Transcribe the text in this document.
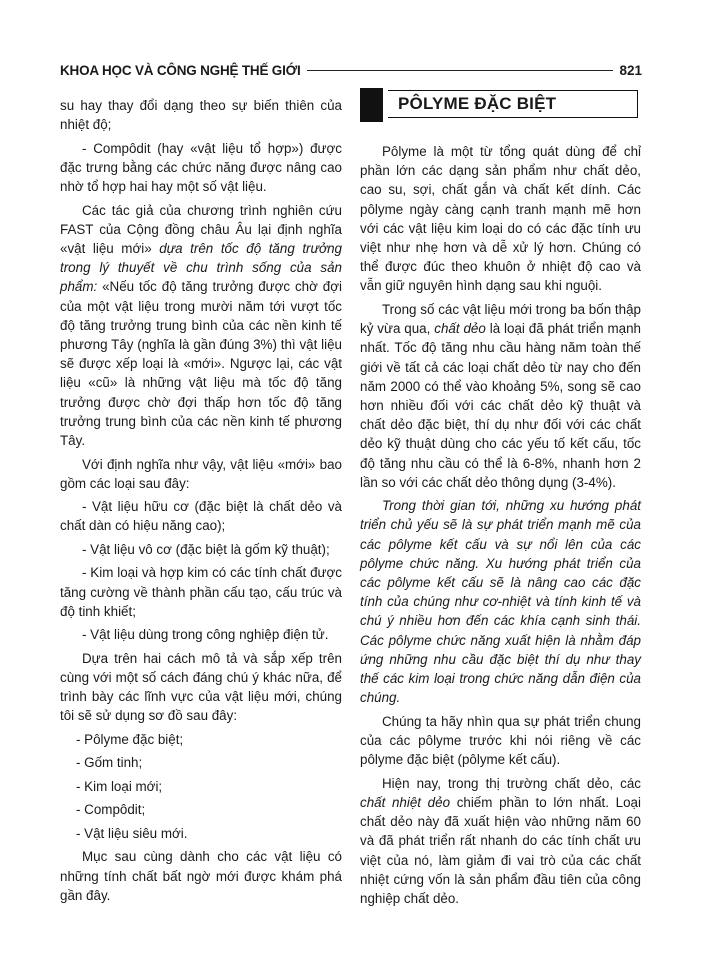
KHOA HỌC VÀ CÔNG NGHỆ THẾ GIỚI	821

su hay thay đổi dạng theo sự biến thiên của nhiệt độ;

- Compôdit (hay «vật liệu tổ hợp») được đặc trưng bằng các chức năng được nâng cao nhờ tổ hợp hai hay một số vật liệu.

Các tác giả của chương trình nghiên cứu FAST của Cộng đồng châu Âu lại định nghĩa «vật liệu mới» dựa trên tốc độ tăng trưởng trong lý thuyết về chu trình sống của sản phẩm: «Nếu tốc độ tăng trưởng được chờ đợi của một vật liệu trong mười năm tới vượt tốc độ tăng trưởng trung bình của các nền kinh tế phương Tây (nghĩa là gần đúng 3%) thì vật liệu sẽ được xếp loại là «mới». Ngược lại, các vật liệu «cũ» là những vật liệu mà tốc độ tăng trưởng được chờ đợi thấp hơn tốc độ tăng trưởng trung bình của các nền kinh tế phương Tây.

Với định nghĩa như vậy, vật liệu «mới» bao gồm các loại sau đây:

- Vật liệu hữu cơ (đặc biệt là chất dẻo và chất dàn có hiệu năng cao);

- Vật liệu vô cơ (đặc biệt là gốm kỹ thuật);

- Kim loại và hợp kim có các tính chất được tăng cường về thành phần cấu tạo, cấu trúc và độ tinh khiết;

- Vật liệu dùng trong công nghiệp điện tử.

Dựa trên hai cách mô tả và sắp xếp trên cùng với một số cách đáng chú ý khác nữa, để trình bày các lĩnh vực của vật liệu mới, chúng tôi sẽ sử dụng sơ đồ sau đây:

- Pôlyme đặc biệt;

- Gốm tinh;

- Kim loại mới;

- Compôdit;

- Vật liệu siêu mới.

Mục sau cùng dành cho các vật liệu có những tính chất bất ngờ mới được khám phá gần đây.

PÔLYME ĐẶC BIỆT

Pôlyme là một từ tổng quát dùng để chỉ phần lớn các dạng sản phẩm như chất dẻo, cao su, sợi, chất gắn và chất kết dính. Các pôlyme ngày càng cạnh tranh mạnh mẽ hơn với các vật liệu kim loại do có các đặc tính ưu việt như nhẹ hơn và dễ xử lý hơn. Chúng có thể được đúc theo khuôn ở nhiệt độ cao và vẫn giữ nguyên hình dạng sau khi nguội.

Trong số các vật liệu mới trong ba bốn thập kỷ vừa qua, chất dẻo là loại đã phát triển mạnh nhất. Tốc độ tăng nhu cầu hàng năm toàn thế giới về tất cả các loại chất dẻo từ nay cho đến năm 2000 có thể vào khoảng 5%, song sẽ cao hơn nhiều đối với các chất dẻo kỹ thuật và chất dẻo đặc biệt, thí dụ như đối với các chất dẻo kỹ thuật dùng cho các yếu tố kết cấu, tốc độ tăng nhu cầu có thể là 6-8%, nhanh hơn 2 lần so với các chất dẻo thông dụng (3-4%).

Trong thời gian tới, những xu hướng phát triển chủ yếu sẽ là sự phát triển mạnh mẽ của các pôlyme kết cấu và sự nổi lên của các pôlyme chức năng. Xu hướng phát triển của các pôlyme kết cấu sẽ là nâng cao các đặc tính của chúng như cơ-nhiệt và tính kinh tế và chú ý nhiều hơn đến các khía cạnh sinh thái. Các pôlyme chức năng xuất hiện là nhằm đáp ứng những nhu cầu đặc biệt thí dụ như thay thế các kim loại trong chức năng dẫn điện của chúng.

Chúng ta hãy nhìn qua sự phát triển chung của các pôlyme trước khi nói riêng về các pôlyme đặc biệt (pôlyme kết cấu).

Hiện nay, trong thị trường chất dẻo, các chất nhiệt dẻo chiếm phần to lớn nhất. Loại chất dẻo này đã xuất hiện vào những năm 60 và đã phát triển rất nhanh do các tính chất ưu việt của nó, làm giảm đi vai trò của các chất nhiệt cứng vốn là sản phẩm đầu tiên của công nghiệp chất dẻo.
